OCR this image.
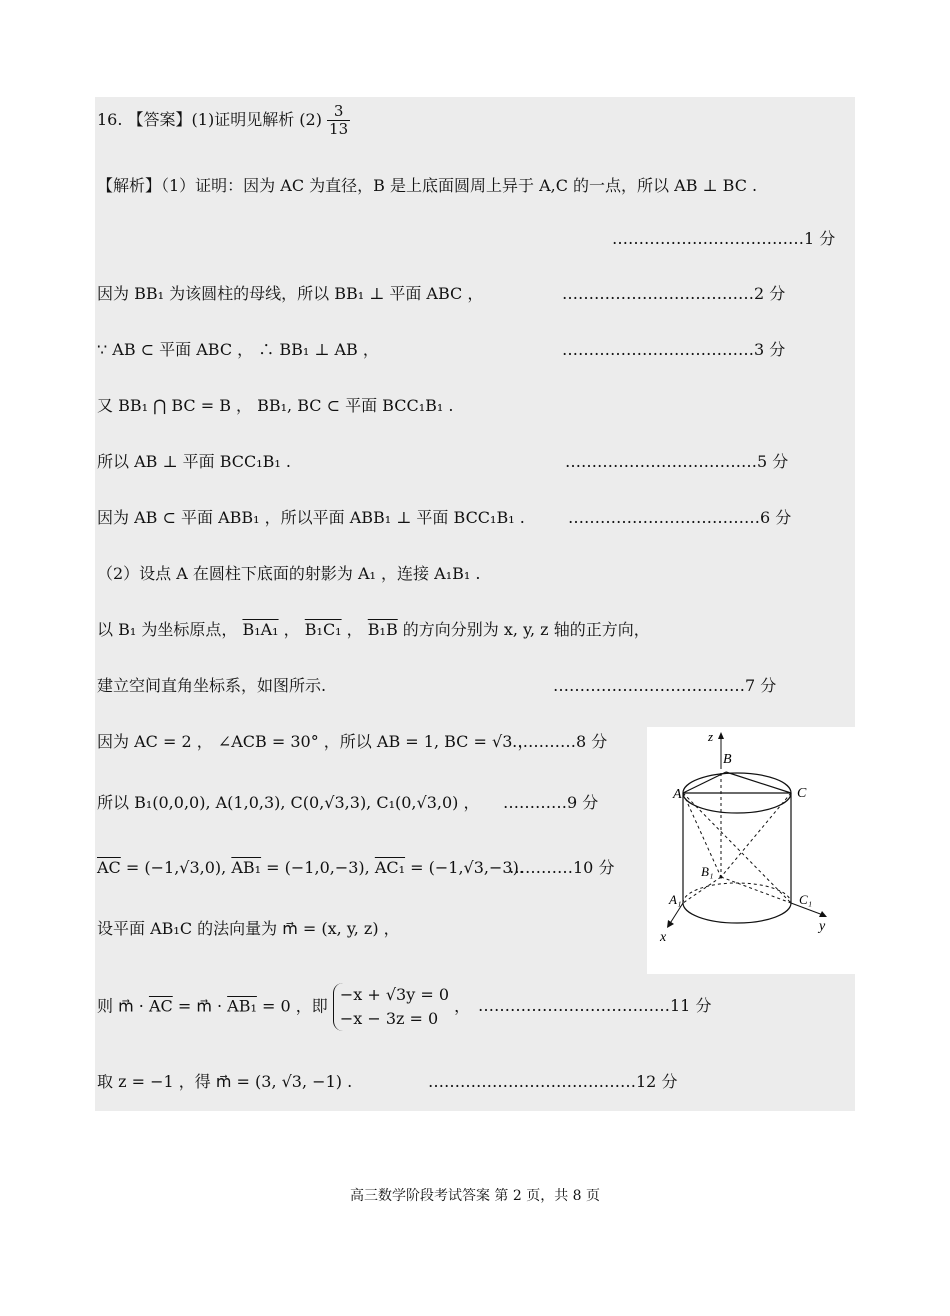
16. 【答案】(1)证明见解析 $(2) \frac{3}{13}$
【解析】（1）证明：因为 AC 为直径，B 是上底面圆周上异于 A,C 的一点，所以 AB ⊥ BC .
………………………………1 分
因为 BB₁ 为该圆柱的母线，所以 BB₁ ⊥ 平面 ABC ，	………………………………2 分
∵ AB ⊂ 平面 ABC ， ∴ BB₁ ⊥ AB ，	………………………………3 分
又 BB₁ ⋂ BC = B ， BB₁, BC ⊂ 平面 BCC₁B₁ .
所以 AB ⊥ 平面 BCC₁B₁ .	………………………………5 分
因为 AB ⊂ 平面 ABB₁ ，所以平面 ABB₁ ⊥ 平面 BCC₁B₁ .	………………………………6 分
（2）设点 A 在圆柱下底面的射影为 A₁ ，连接 A₁B₁ .
以 B₁ 为坐标原点， B₁A₁ ， B₁C₁ ， B₁B 的方向分别为 x, y, z 轴的正方向，
建立空间直角坐标系，如图所示.	………………………………7 分
因为 AC = 2 ， ∠ACB = 30° ，所以 AB = 1, BC = √3 ，
…………8 分
所以 B₁(0,0,0), A(1,0,3), C(0,√3,3), C₁(0,√3,0) ， …………9 分
$\overline{AC} = (-1,√3,0)$, AB₁ = (−1,0,−3), AC₁ = (−1,√3,−3).
…………10 分
设平面 AB₁C 的法向量为 m⃗ = (x, y, z) ，
则 m⃗ · $\overline{AC}$ = m⃗ · AB₁ = 0 ，即
−x + √3y = 0
−x − 3z = 0
， ………………………………11 分
取 z = −1 ，得 m⃗ = (3, √3, −1) .	…………………………………12 分
z
B
A	C
B₁
A₁	C₁
x
y
高三数学阶段考试答案 第 2 页，共 8 页
